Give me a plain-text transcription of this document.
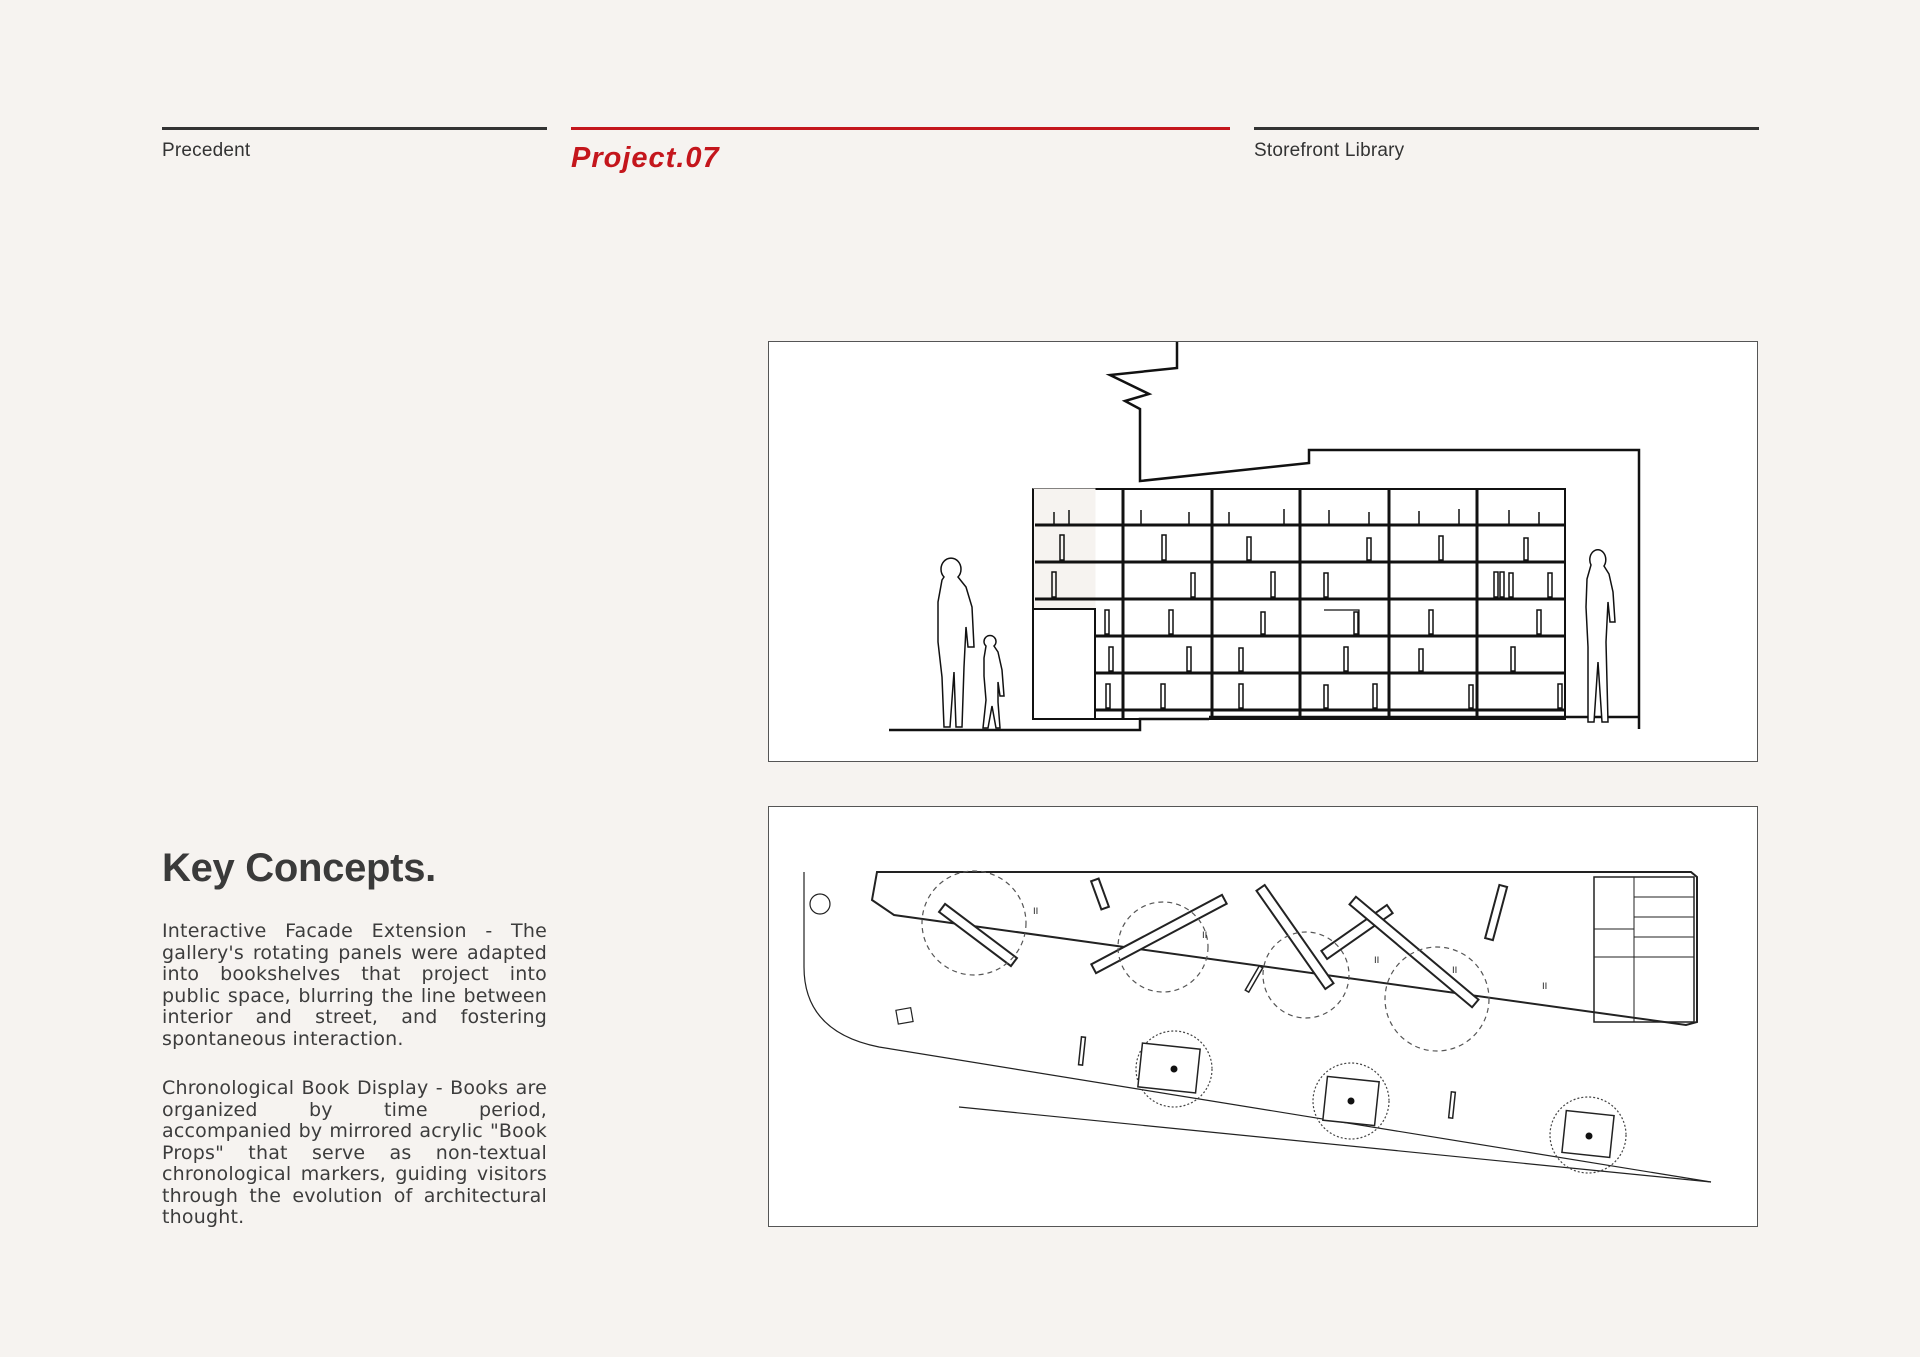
Precedent	Project.07	Storefront Library
Key Concepts.

Interactive Facade Extension - The gallery's rotating panels were adapted into bookshelves that project into public space, blurring the line between interior and street, and fostering spontaneous interaction.

Chronological Book Display - Books are organized by time period, accompanied by mirrored acrylic "Book Props" that serve as non-textual chronological markers, guiding visitors through the evolution of architectural thought.

II
II
II
II
II
